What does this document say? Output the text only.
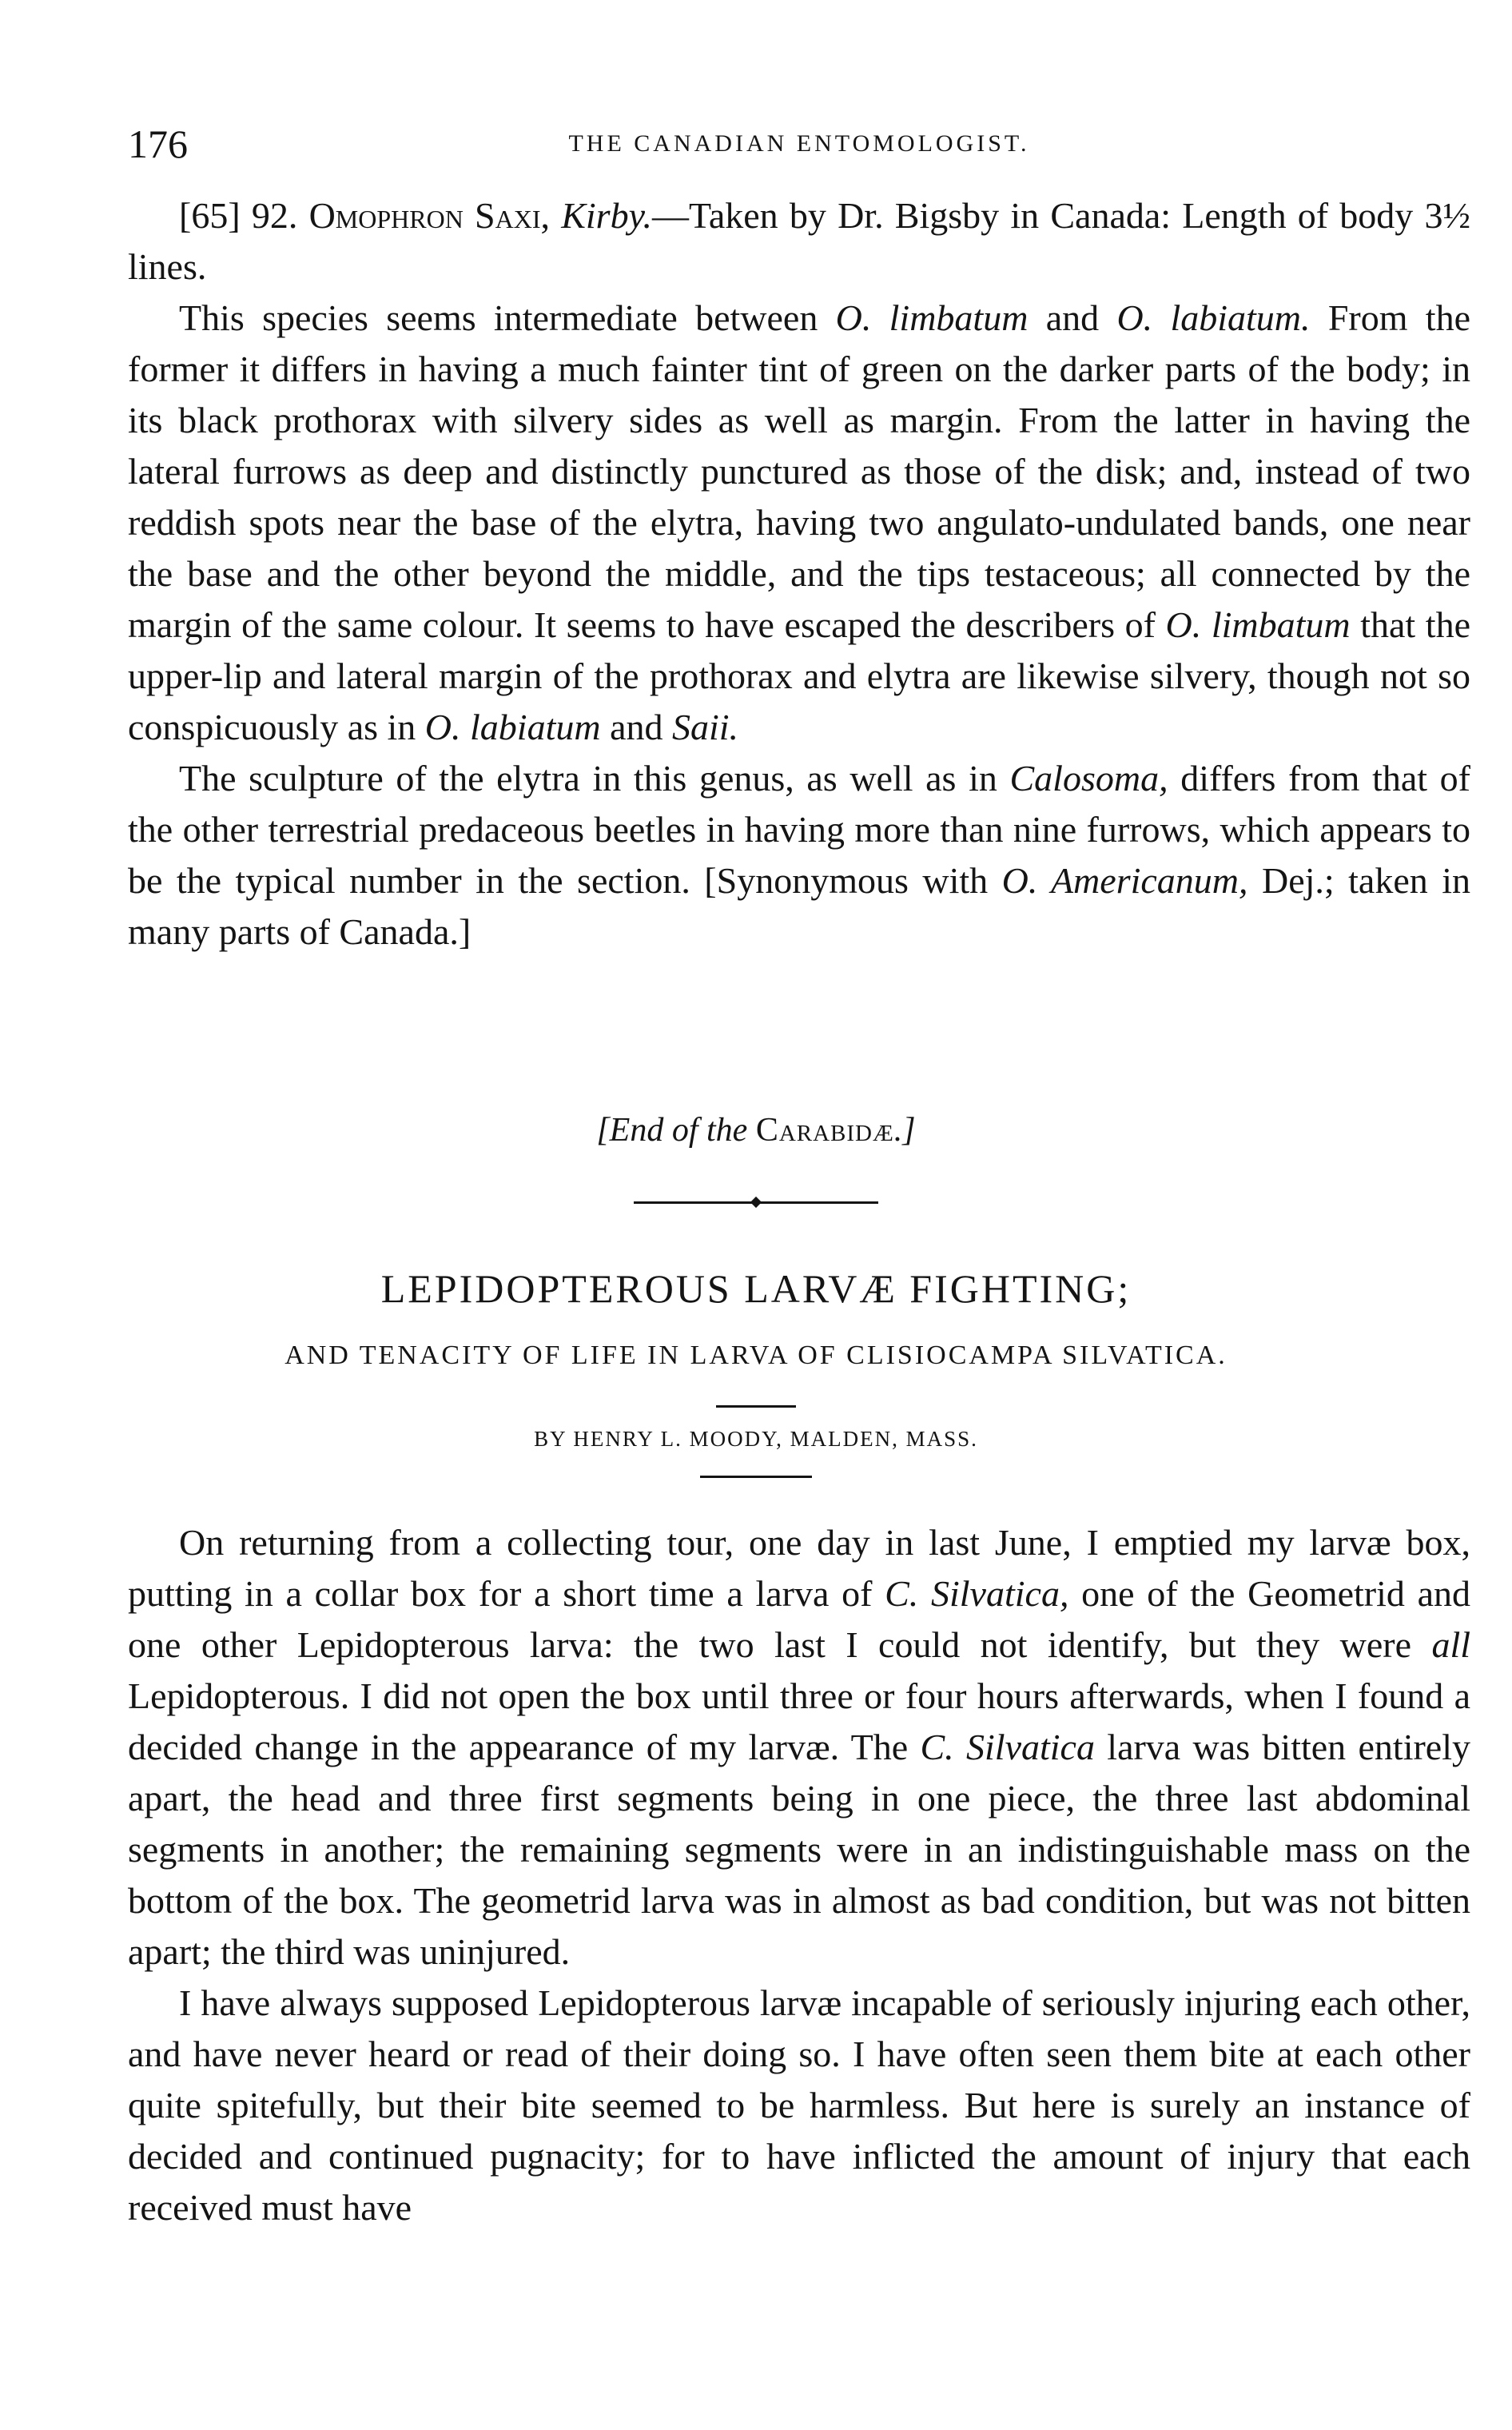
176	THE CANADIAN ENTOMOLOGIST.

[65] 92. Omophron Saxi, Kirby.—Taken by Dr. Bigsby in Canada: Length of body 3½ lines.

This species seems intermediate between O. limbatum and O. labiatum. From the former it differs in having a much fainter tint of green on the darker parts of the body; in its black prothorax with silvery sides as well as margin. From the latter in having the lateral furrows as deep and distinctly punctured as those of the disk; and, instead of two reddish spots near the base of the elytra, having two angulato-undulated bands, one near the base and the other beyond the middle, and the tips testaceous; all connected by the margin of the same colour. It seems to have escaped the describers of O. limbatum that the upper-lip and lateral margin of the prothorax and elytra are likewise silvery, though not so conspicuously as in O. labiatum and Saii.

The sculpture of the elytra in this genus, as well as in Calosoma, differs from that of the other terrestrial predaceous beetles in having more than nine furrows, which appears to be the typical number in the section. [Synonymous with O. Americanum, Dej.; taken in many parts of Canada.]

[End of the Carabidæ.]
LEPIDOPTEROUS LARVÆ FIGHTING;
AND TENACITY OF LIFE IN LARVA OF CLISIOCAMPA SILVATICA.
BY HENRY L. MOODY, MALDEN, MASS.

On returning from a collecting tour, one day in last June, I emptied my larvæ box, putting in a collar box for a short time a larva of C. Silvatica, one of the Geometrid and one other Lepidopterous larva: the two last I could not identify, but they were all Lepidopterous. I did not open the box until three or four hours afterwards, when I found a decided change in the appearance of my larvæ. The C. Silvatica larva was bitten entirely apart, the head and three first segments being in one piece, the three last abdominal segments in another; the remaining segments were in an indistinguishable mass on the bottom of the box. The geometrid larva was in almost as bad condition, but was not bitten apart; the third was uninjured.

I have always supposed Lepidopterous larvæ incapable of seriously injuring each other, and have never heard or read of their doing so. I have often seen them bite at each other quite spitefully, but their bite seemed to be harmless. But here is surely an instance of decided and continued pugnacity; for to have inflicted the amount of injury that each received must have
